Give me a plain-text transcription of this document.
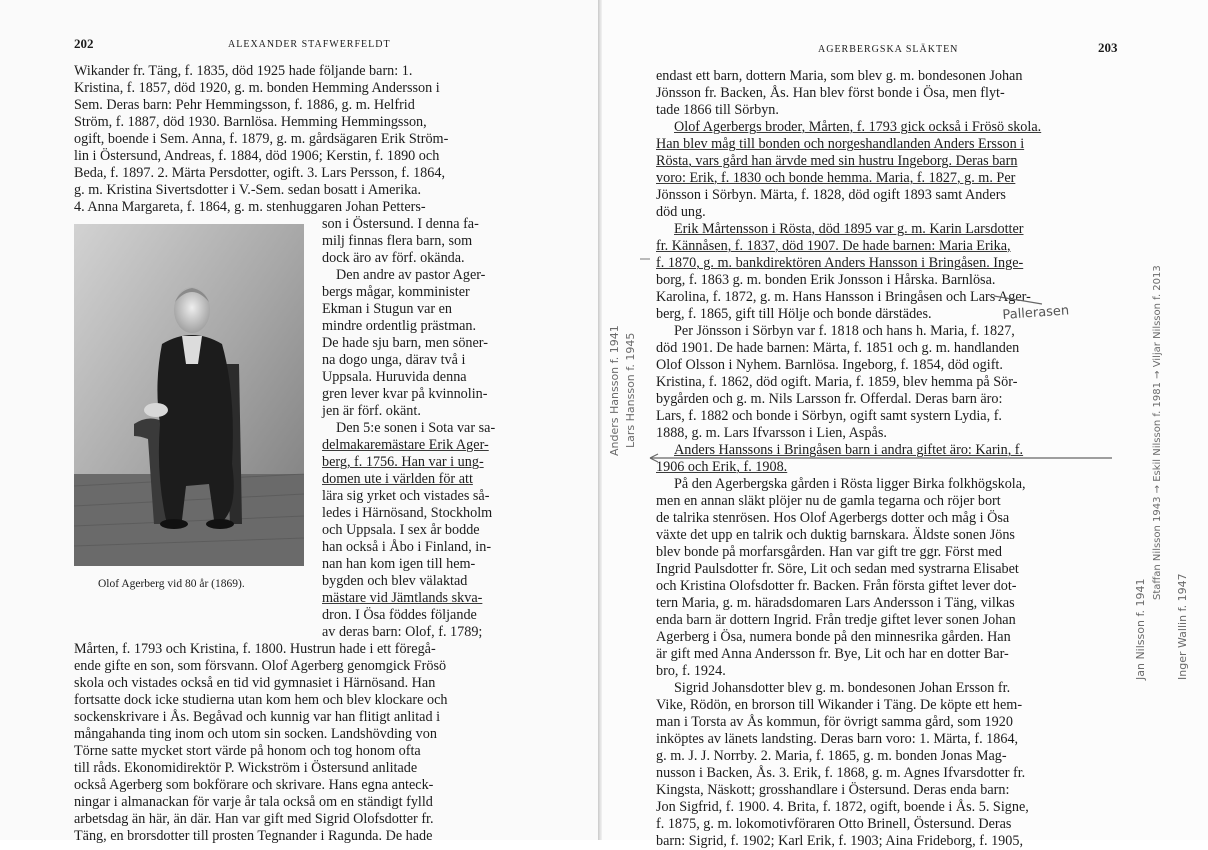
202	ALEXANDER STAFWERFELDT
Olof Agerberg vid 80 år (1869).
Wikander fr. Täng, f. 1835, död 1925 hade följande barn: 1.
Kristina, f. 1857, död 1920, g. m. bonden Hemming Andersson i
Sem. Deras barn: Pehr Hemmingsson, f. 1886, g. m. Helfrid
Ström, f. 1887, död 1930. Barnlösa. Hemming Hemmingsson,
ogift, boende i Sem. Anna, f. 1879, g. m. gårdsägaren Erik Ström-
lin i Östersund, Andreas, f. 1884, död 1906; Kerstin, f. 1890 och
Beda, f. 1897. 2. Märta Persdotter, ogift. 3. Lars Persson, f. 1864,
g. m. Kristina Sivertsdotter i V.-Sem. sedan bosatt i Amerika.
4. Anna Margareta, f. 1864, g. m. stenhuggaren Johan Petters-
son i Östersund. I denna fa-
milj finnas flera barn, som
dock äro av förf. okända.
Den andre av pastor Ager-
bergs mågar, komminister
Ekman i Stugun var en
mindre ordentlig prästman.
De hade sju barn, men söner-
na dogo unga, därav två i
Uppsala. Huruvida denna
gren lever kvar på kvinnolin-
jen är förf. okänt.
Den 5:e sonen i Sota var sa-
delmakaremästare Erik Ager-
berg, f. 1756. Han var i ung-
domen ute i världen för att
lära sig yrket och vistades så-
ledes i Härnösand, Stockholm
och Uppsala. I sex år bodde
han också i Åbo i Finland, in-
nan han kom igen till hem-
bygden och blev välaktad
mästare vid Jämtlands skva-
dron. I Ösa föddes följande
av deras barn: Olof, f. 1789;
Mårten, f. 1793 och Kristina, f. 1800. Hustrun hade i ett föregå-
ende gifte en son, som försvann. Olof Agerberg genomgick Frösö
skola och vistades också en tid vid gymnasiet i Härnösand. Han
fortsatte dock icke studierna utan kom hem och blev klockare och
sockenskrivare i Ås. Begåvad och kunnig var han flitigt anlitad i
mångahanda ting inom och utom sin socken. Landshövding von
Törne satte mycket stort värde på honom och tog honom ofta
till råds. Ekonomidirektör P. Wickström i Östersund anlitade
också Agerberg som bokförare och skrivare. Hans egna anteck-
ningar i almanackan för varje år tala också om en ständigt fylld
arbetsdag än här, än där. Han var gift med Sigrid Olofsdotter fr.
Täng, en brorsdotter till prosten Tegnander i Ragunda. De hade
AGERBERGSKA SLÄKTEN	203
endast ett barn, dottern Maria, som blev g. m. bondesonen Johan
Jönsson fr. Backen, Ås. Han blev först bonde i Ösa, men flyt-
tade 1866 till Sörbyn.
Olof Agerbergs broder, Mårten, f. 1793 gick också i Frösö skola.
Han blev måg till bonden och norgeshandlanden Anders Ersson i
Rösta, vars gård han ärvde med sin hustru Ingeborg. Deras barn
voro: Erik, f. 1830 och bonde hemma. Maria, f. 1827, g. m. Per
Jönsson i Sörbyn. Märta, f. 1828, död ogift 1893 samt Anders
död ung.
Erik Mårtensson i Rösta, död 1895 var g. m. Karin Larsdotter
fr. Kännåsen, f. 1837, död 1907. De hade barnen: Maria Erika,
f. 1870, g. m. bankdirektören Anders Hansson i Bringåsen. Inge-
borg, f. 1863 g. m. bonden Erik Jonsson i Hårska. Barnlösa.
Karolina, f. 1872, g. m. Hans Hansson i Bringåsen och Lars Ager-
berg, f. 1865, gift till Hölje och bonde därstädes.
Per Jönsson i Sörbyn var f. 1818 och hans h. Maria, f. 1827,
död 1901. De hade barnen: Märta, f. 1851 och g. m. handlanden
Olof Olsson i Nyhem. Barnlösa. Ingeborg, f. 1854, död ogift.
Kristina, f. 1862, död ogift. Maria, f. 1859, blev hemma på Sör-
bygården och g. m. Nils Larsson fr. Offerdal. Deras barn äro:
Lars, f. 1882 och bonde i Sörbyn, ogift samt systern Lydia, f.
1888, g. m. Lars Ifvarsson i Lien, Aspås.
Anders Hanssons i Bringåsen barn i andra giftet äro: Karin, f.
1906 och Erik, f. 1908.
På den Agerbergska gården i Rösta ligger Birka folkhögskola,
men en annan släkt plöjer nu de gamla tegarna och röjer bort
de talrika stenrösen. Hos Olof Agerbergs dotter och måg i Ösa
växte det upp en talrik och duktig barnskara. Äldste sonen Jöns
blev bonde på morfarsgården. Han var gift tre ggr. Först med
Ingrid Paulsdotter fr. Söre, Lit och sedan med systrarna Elisabet
och Kristina Olofsdotter fr. Backen. Från första giftet lever dot-
tern Maria, g. m. häradsdomaren Lars Andersson i Täng, vilkas
enda barn är dottern Ingrid. Från tredje giftet lever sonen Johan
Agerberg i Ösa, numera bonde på den minnesrika gården. Han
är gift med Anna Andersson fr. Bye, Lit och har en dotter Bar-
bro, f. 1924.
Sigrid Johansdotter blev g. m. bondesonen Johan Ersson fr.
Vike, Rödön, en brorson till Wikander i Täng. De köpte ett hem-
man i Torsta av Ås kommun, för övrigt samma gård, som 1920
inköptes av länets landsting. Deras barn voro: 1. Märta, f. 1864,
g. m. J. J. Norrby. 2. Maria, f. 1865, g. m. bonden Jonas Mag-
nusson i Backen, Ås. 3. Erik, f. 1868, g. m. Agnes Ifvarsdotter fr.
Kingsta, Näskott; grosshandlare i Östersund. Deras enda barn:
Jon Sigfrid, f. 1900. 4. Brita, f. 1872, ogift, boende i Ås. 5. Signe,
f. 1875, g. m. lokomotivföraren Otto Brinell, Östersund. Deras
barn: Sigrid, f. 1902; Karl Erik, f. 1903; Aina Frideborg, f. 1905,
Pallerasen
Anders Hansson f. 1941 Lars Hansson f. 1945
Jan Nilsson f. 1941
Staffan Nilsson 1943 → Eskil Nilsson f. 1981 → Viljar Nilsson f. 2013
Inger Wallin f. 1947
